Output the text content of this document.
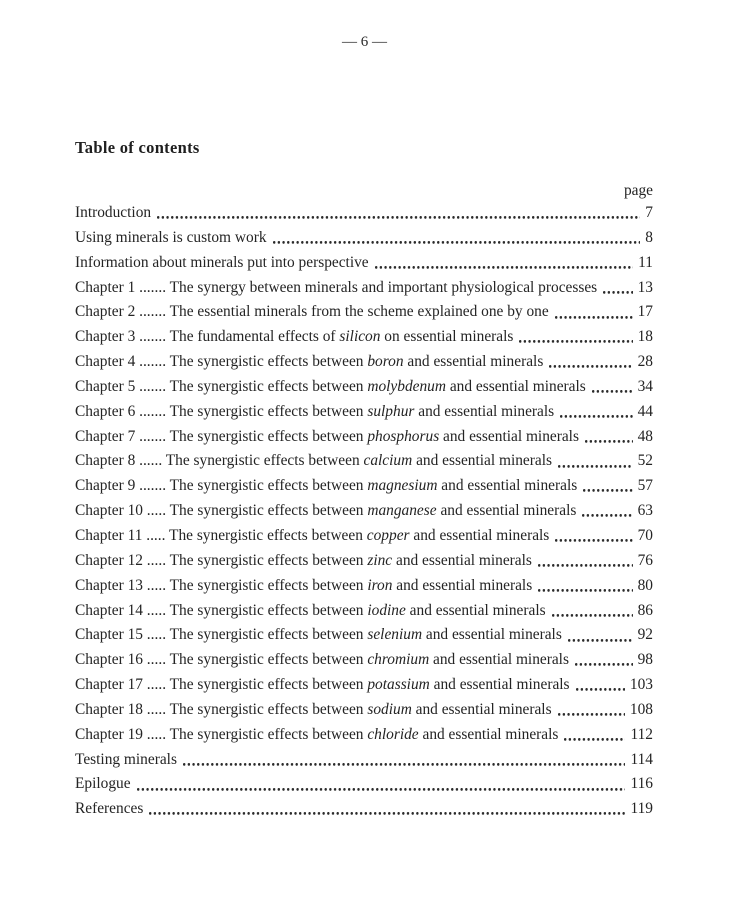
— 6 —
Table of contents
page
Introduction	7
Using minerals is custom work	8
Information about minerals put into perspective	11
Chapter 1 ....... The synergy between minerals and important physiological processes	13
Chapter 2 ....... The essential minerals from the scheme explained one by one	17
Chapter 3 ....... The fundamental effects of silicon on essential minerals	18
Chapter 4 ....... The synergistic effects between boron and essential minerals	28
Chapter 5 ....... The synergistic effects between molybdenum and essential minerals	34
Chapter 6 ....... The synergistic effects between sulphur and essential minerals	44
Chapter 7 ....... The synergistic effects between phosphorus and essential minerals	48
Chapter 8 ...... The synergistic effects between calcium and essential minerals	52
Chapter 9 ....... The synergistic effects between magnesium and essential minerals	57
Chapter 10 ..... The synergistic effects between manganese and essential minerals	63
Chapter 11 ..... The synergistic effects between copper and essential minerals	70
Chapter 12 ..... The synergistic effects between zinc and essential minerals	76
Chapter 13 ..... The synergistic effects between iron and essential minerals	80
Chapter 14 ..... The synergistic effects between iodine and essential minerals	86
Chapter 15 ..... The synergistic effects between selenium and essential minerals	92
Chapter 16 ..... The synergistic effects between chromium and essential minerals	98
Chapter 17 ..... The synergistic effects between potassium and essential minerals	103
Chapter 18 ..... The synergistic effects between sodium and essential minerals	108
Chapter 19 ..... The synergistic effects between chloride and essential minerals	112
Testing minerals	114
Epilogue	116
References	119
